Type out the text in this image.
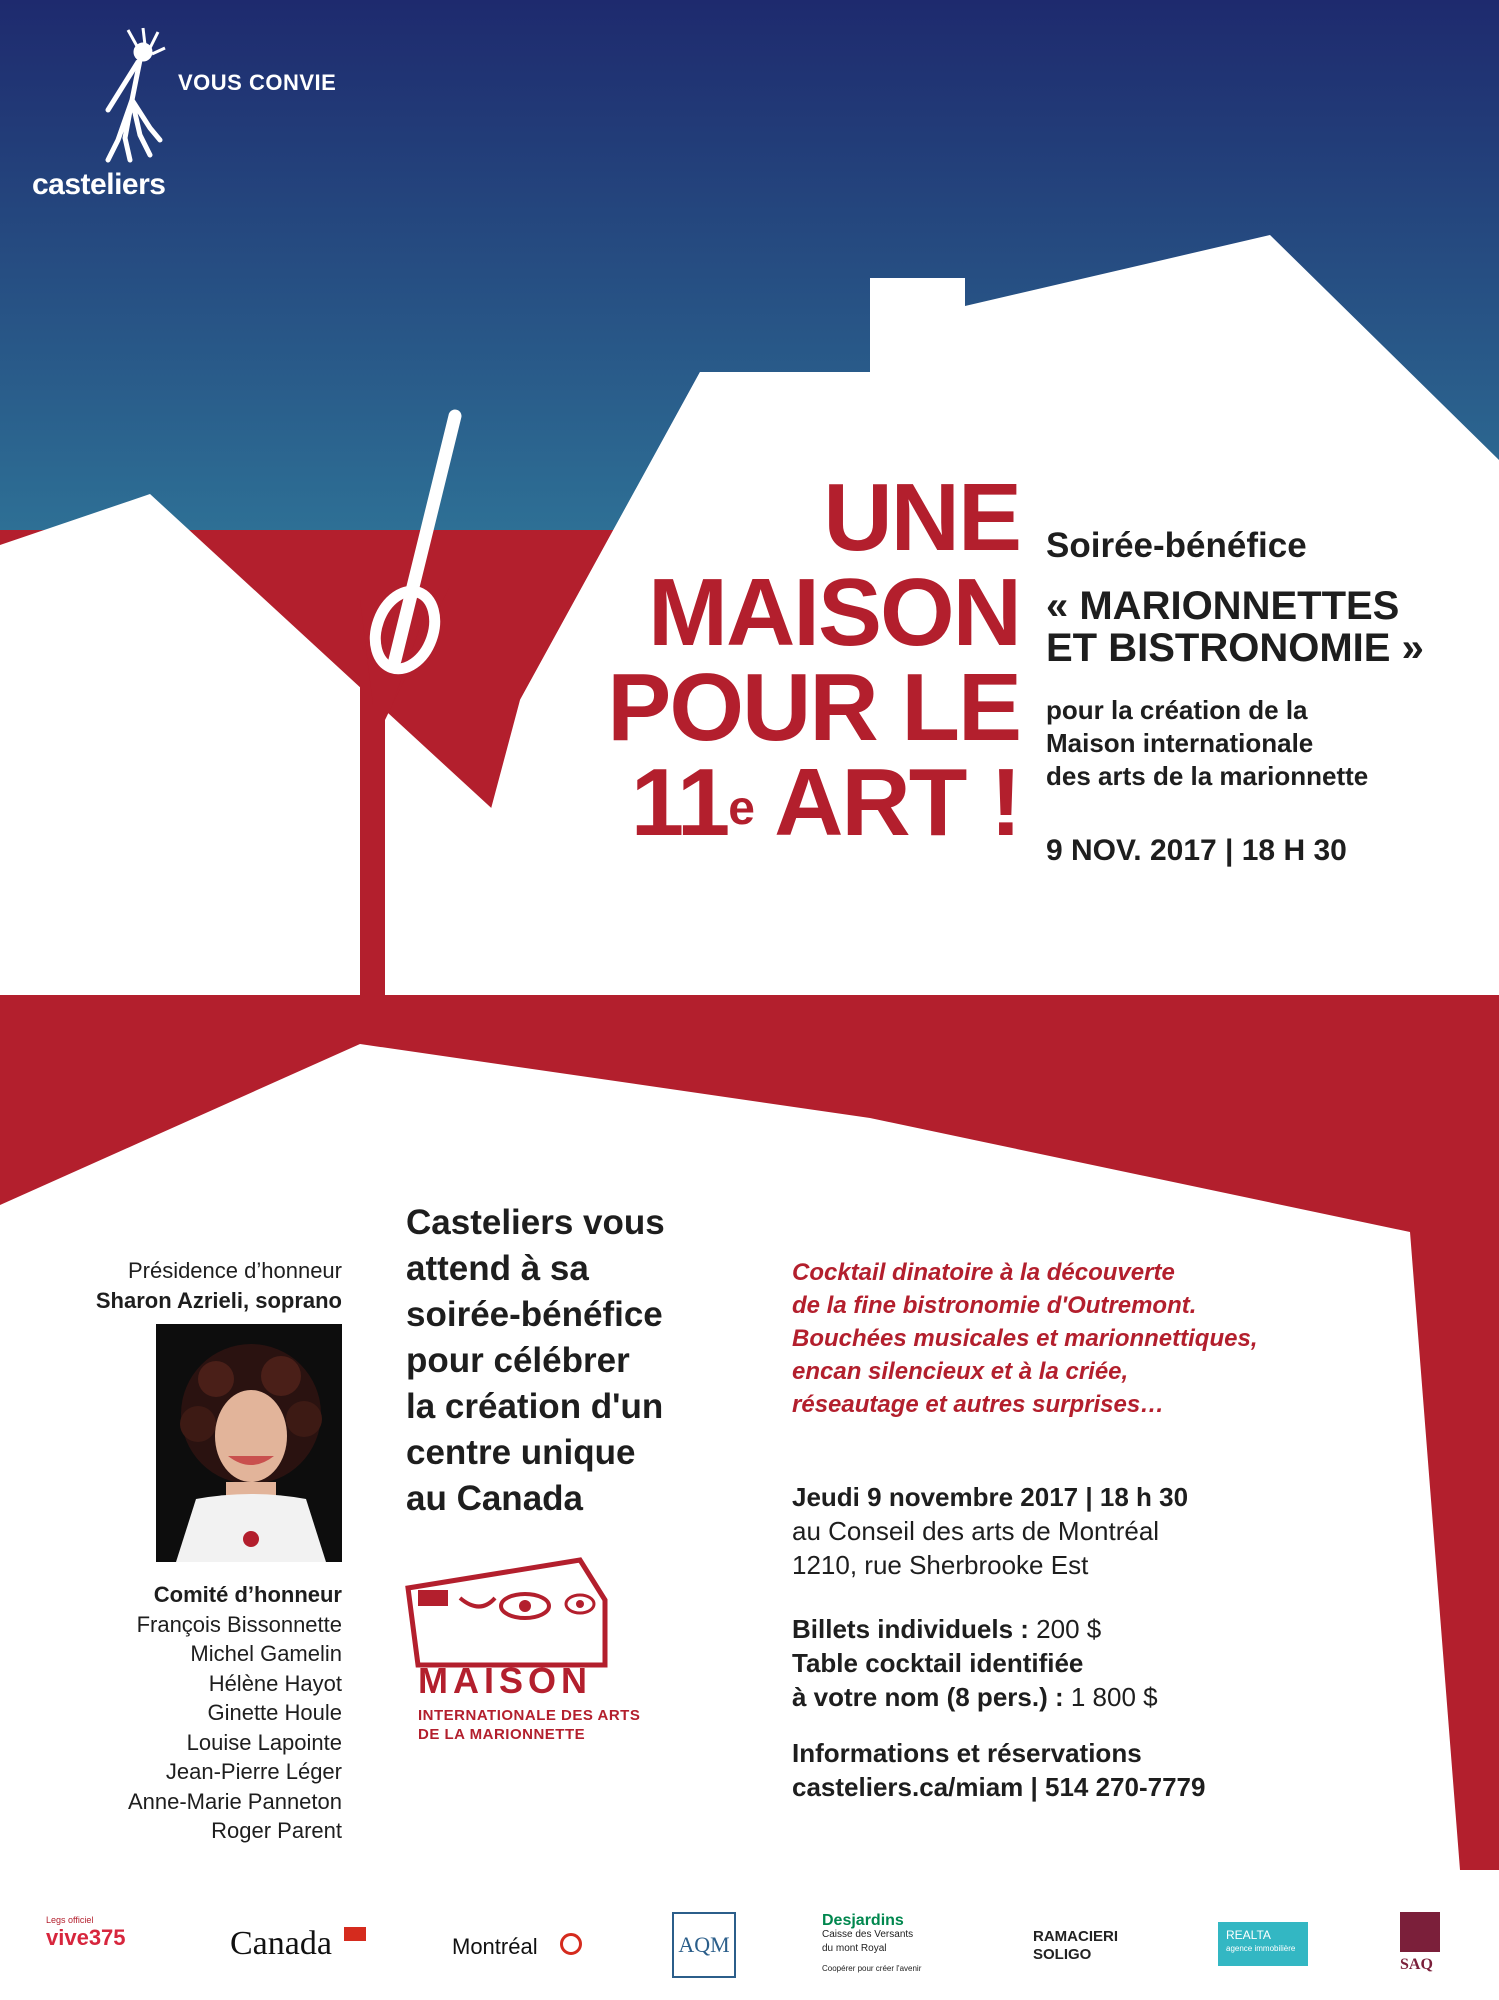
casteliers
VOUS CONVIE
UNE
MAISON
POUR LE
11e ART !
Soirée-bénéfice
« MARIONNETTES
ET BISTRONOMIE »
pour la création de la
Maison internationale
des arts de la marionnette
9 NOV. 2017 | 18 H 30
Présidence d’honneur
Sharon Azrieli, soprano
Comité d’honneur
François Bissonnette
Michel Gamelin
Hélène Hayot
Ginette Houle
Louise Lapointe
Jean-Pierre Léger
Anne-Marie Panneton
Roger Parent
Casteliers vous
attend à sa
soirée-bénéfice
pour célébrer
la création d'un
centre unique
au Canada
MAISON
INTERNATIONALE DES ARTS
DE LA MARIONNETTE
Cocktail dinatoire à la découverte
de la fine bistronomie d'Outremont.
Bouchées musicales et marionnettiques,
encan silencieux et à la criée,
réseautage et autres surprises…
Jeudi 9 novembre 2017 | 18 h 30
au Conseil des arts de Montréal
1210, rue Sherbrooke Est
Billets individuels : 200 $
Table cocktail identifiée
à votre nom (8 pers.) : 1 800 $
Informations et réservations
casteliers.ca/miam | 514 270-7779
Legs officiel
vive375	Canada	Montréal	AQM
Desjardins
Caisse des Versants
du mont Royal
Coopérer pour créer l'avenir
RAMACIERI
SOLIGO
REALTA
agence immobilière
SAQ
